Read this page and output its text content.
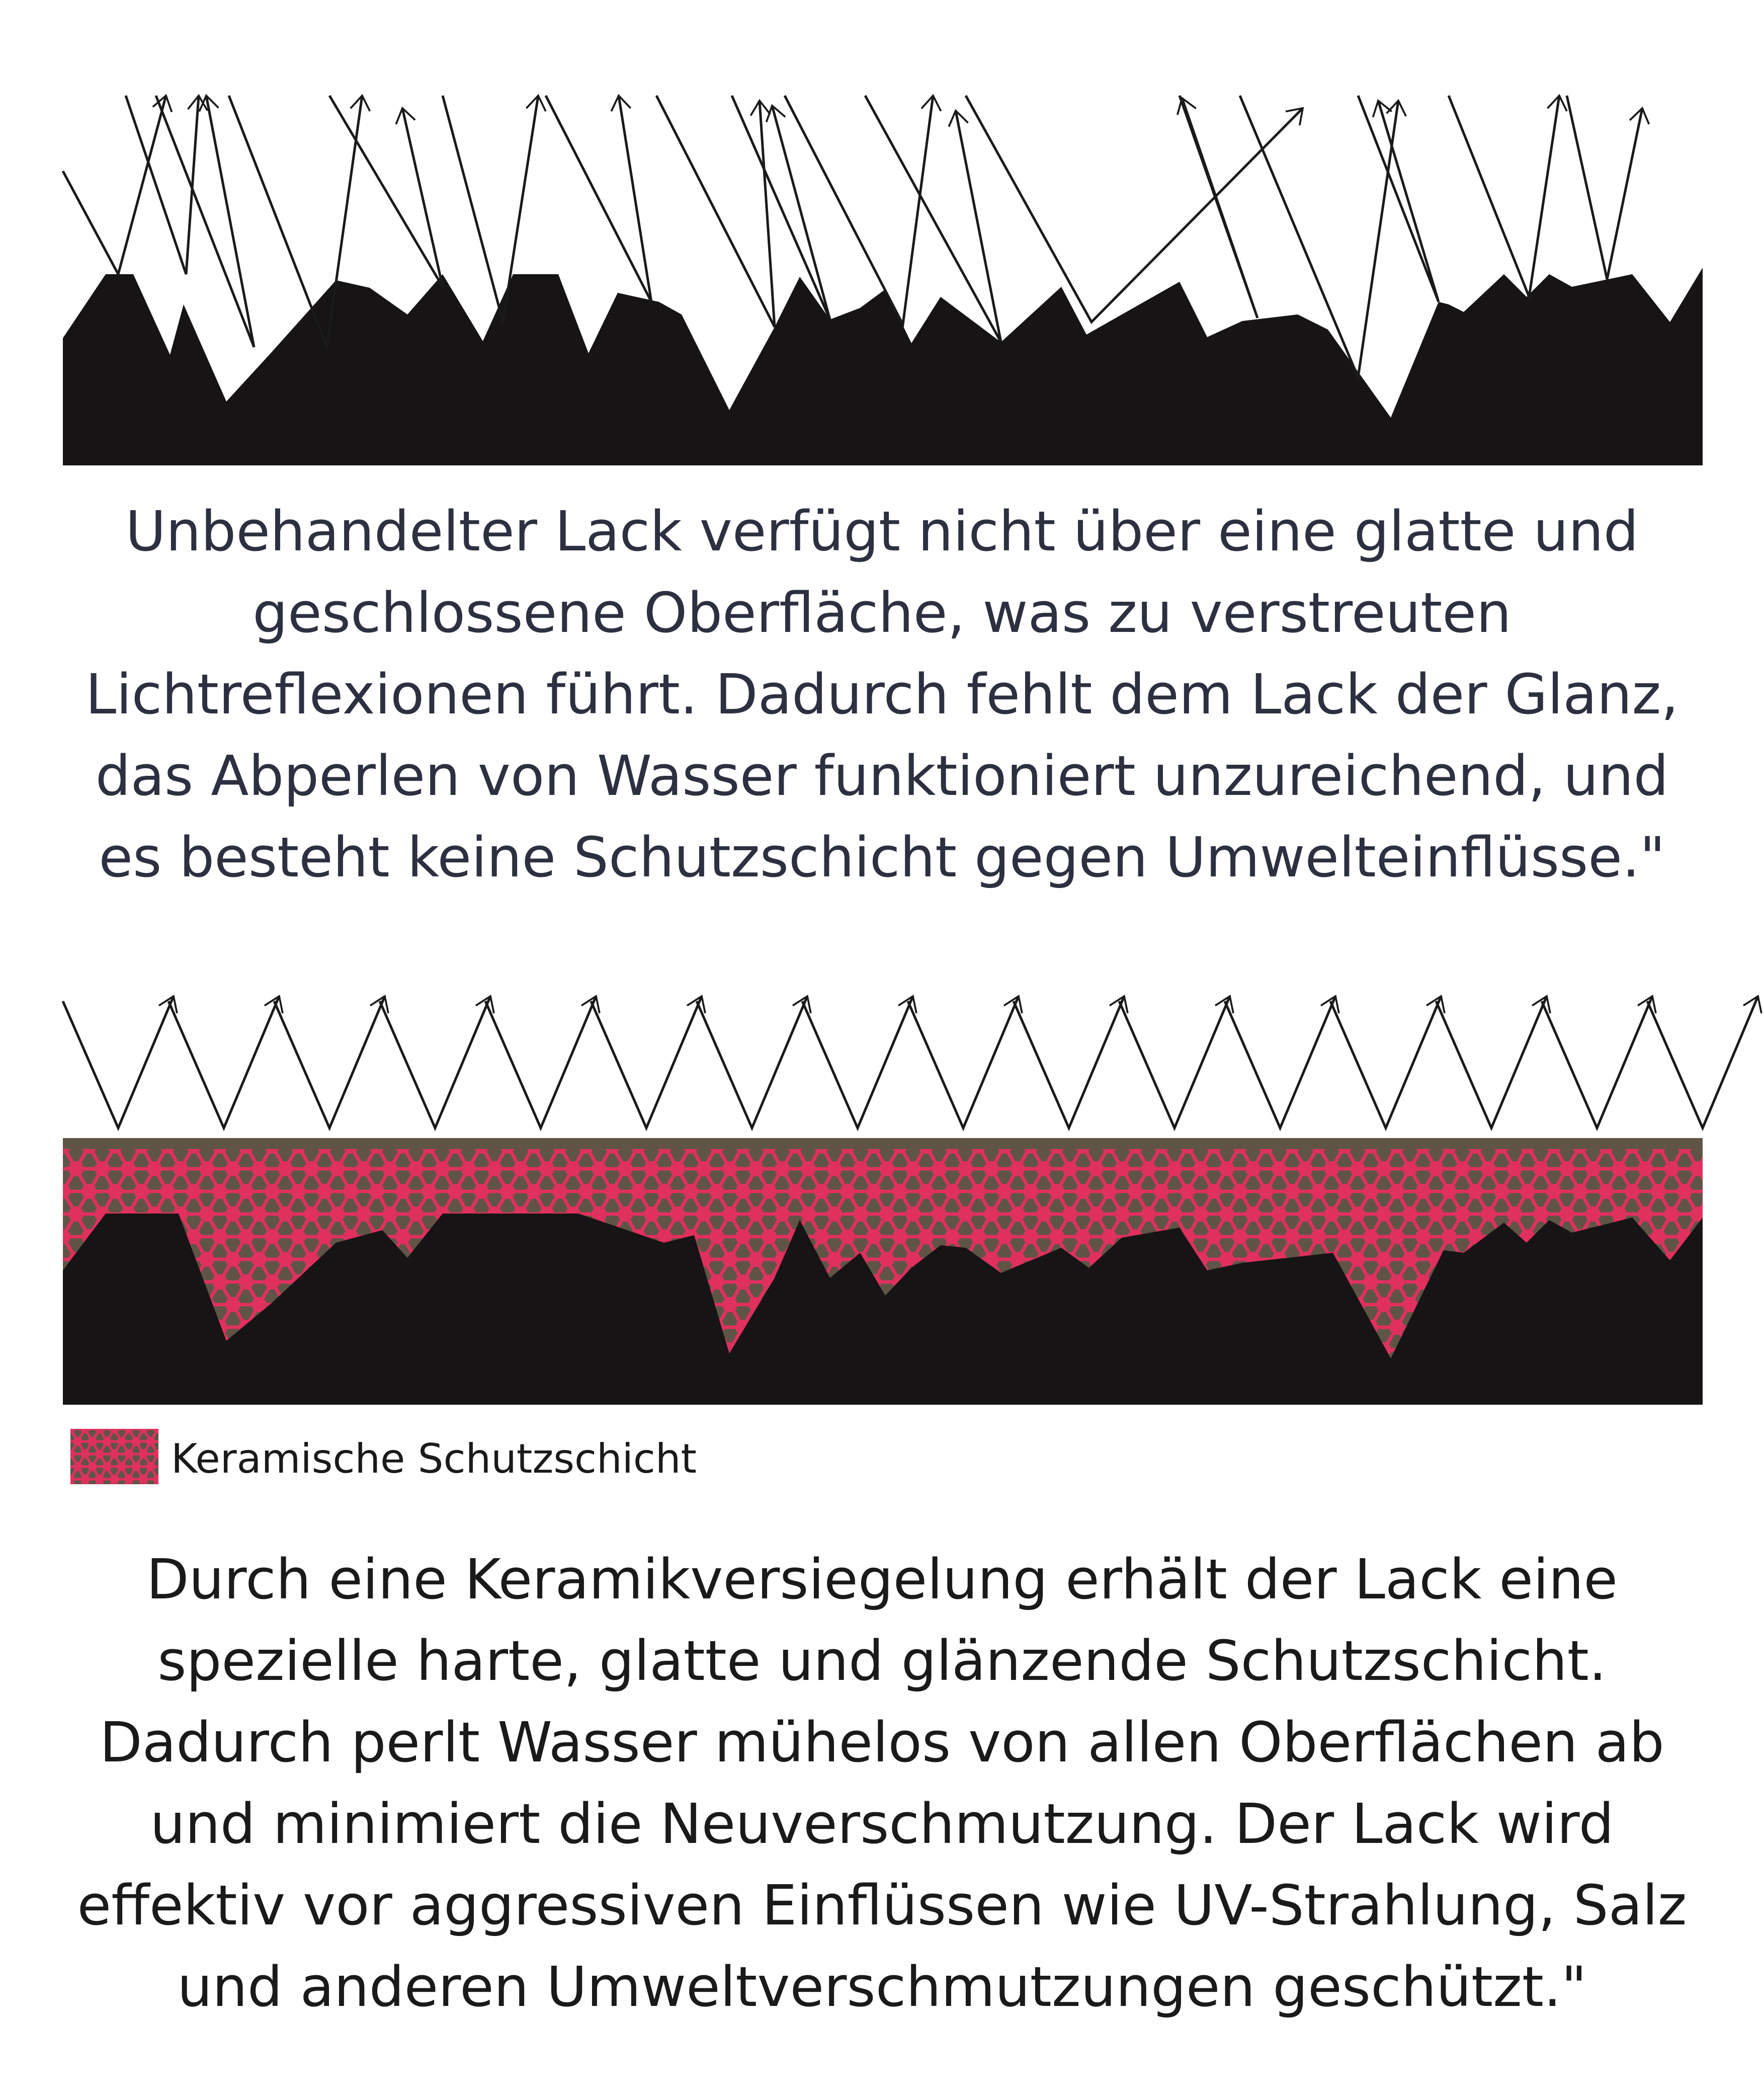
Unbehandelter Lack verfügt nicht über eine glatte und
geschlossene Oberfläche, was zu verstreuten
Lichtreflexionen führt. Dadurch fehlt dem Lack der Glanz,
das Abperlen von Wasser funktioniert unzureichend, und
es besteht keine Schutzschicht gegen Umwelteinflüsse."

Keramische Schutzschicht

Durch eine Keramikversiegelung erhält der Lack eine
spezielle harte, glatte und glänzende Schutzschicht.
Dadurch perlt Wasser mühelos von allen Oberflächen ab
und minimiert die Neuverschmutzung. Der Lack wird
effektiv vor aggressiven Einflüssen wie UV-Strahlung, Salz
und anderen Umweltverschmutzungen geschützt."
